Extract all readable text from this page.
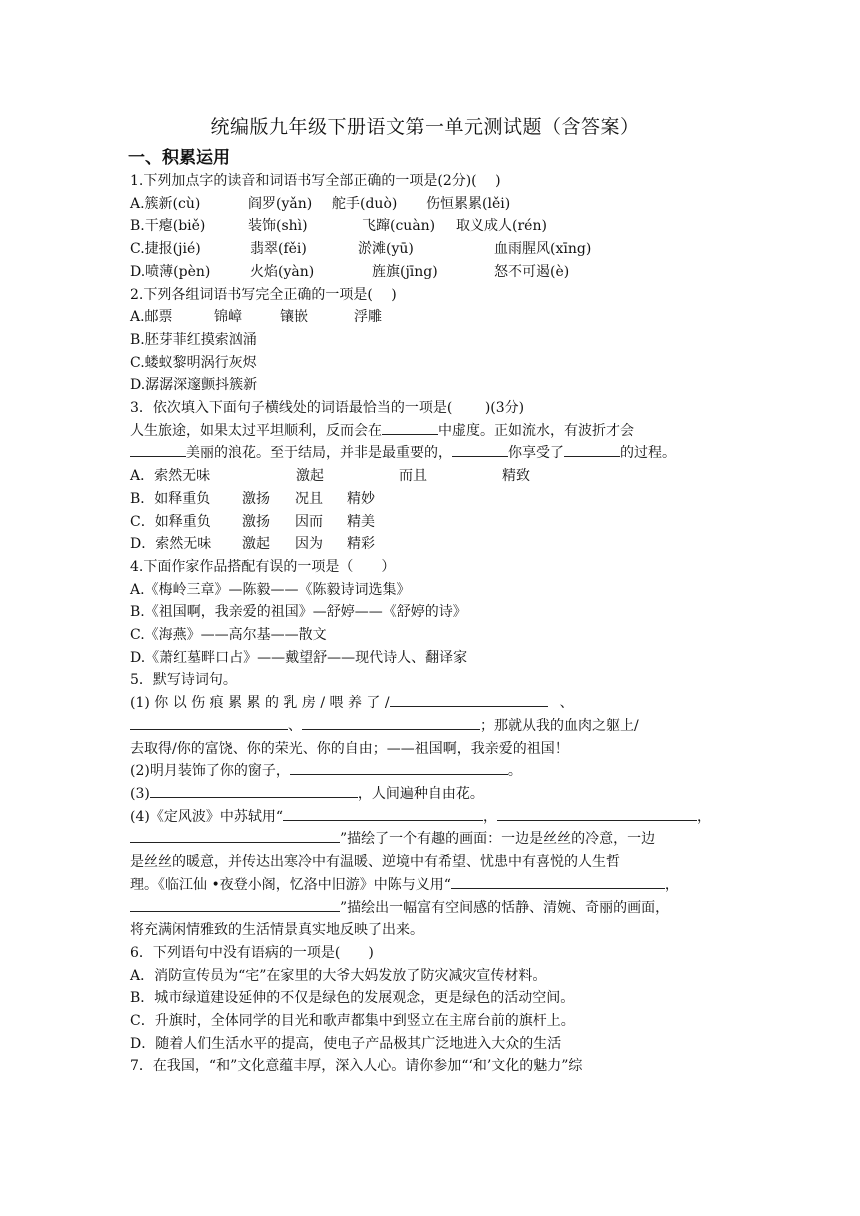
统编版九年级下册语文第一单元测试题（含答案）
一、积累运用
1.下列加点字的读音和词语书写全部正确的一项是(2分)(　 )
A.簇新(cù)	阎罗(yǎn) 舵手(duò) 伤恒累累(lěi)
B.干瘪(biě)	装饰(shì)	飞蹿(cuàn) 取义成人(rén)
C.捷报(jié)	翡翠(fěi)	淤滩(yū)	血雨腥风(xīng)
D.喷薄(pèn)	火焰(yàn)	旌旗(jīng)	怒不可遏(è)
2.下列各组词语书写完全正确的一项是(　 )
A.邮票	锦嶂	镶嵌	浮雕
B.胚芽菲红摸索汹涌
C.蝼蚁黎明涡行灰烬
D.潺潺深邃颤抖簇新
3．依次填入下面句子横线处的词语最恰当的一项是(　　 )(3分)
人生旅途，如果太过平坦顺利，反而会在	中虚度。正如流水，有波折才会
美丽的浪花。至于结局，并非是最重要的，	你享受了	的过程。
A．索然无味	激起	而且	精致
B．如释重负 激扬 况且 精妙
C．如释重负 激扬 因而 精美
D．索然无味 激起 因为 精彩
4.下面作家作品搭配有误的一项是（　　）
A.《梅岭三章》—陈毅——《陈毅诗词选集》
B.《祖国啊，我亲爱的祖国》—舒婷——《舒婷的诗》
C.《海燕》——高尔基——散文
D.《萧红墓畔口占》——戴望舒——现代诗人、翻译家
5．默写诗词句。
(1) 你 以 伤 痕 累 累 的 乳 房 / 喂 养 了 /	、
、	；那就从我的血肉之躯上/
去取得/你的富饶、你的荣光、你的自由；——祖国啊，我亲爱的祖国！
(2)明月装饰了你的窗子，	。
(3)	，人间遍种自由花。
(4)《定风波》中苏轼用“	，	，
”描绘了一个有趣的画面：一边是丝丝的冷意，一边
是丝丝的暖意，并传达出寒冷中有温暖、逆境中有希望、忧患中有喜悦的人生哲
理。《临江仙 •夜登小阁，忆洛中旧游》中陈与义用“	，
”描绘出一幅富有空间感的恬静、清婉、奇丽的画面，
将充满闲情雅致的生活情景真实地反映了出来。
6．下列语句中没有语病的一项是(　　)
A．消防宣传员为“宅”在家里的大爷大妈发放了防灾减灾宣传材料。
B．城市绿道建设延伸的不仅是绿色的发展观念，更是绿色的活动空间。
C．升旗时，全体同学的目光和歌声都集中到竖立在主席台前的旗杆上。
D．随着人们生活水平的提高，使电子产品极其广泛地进入大众的生活
7．在我国，“和”文化意蕴丰厚，深入人心。请你参加“‘和’文化的魅力”综
